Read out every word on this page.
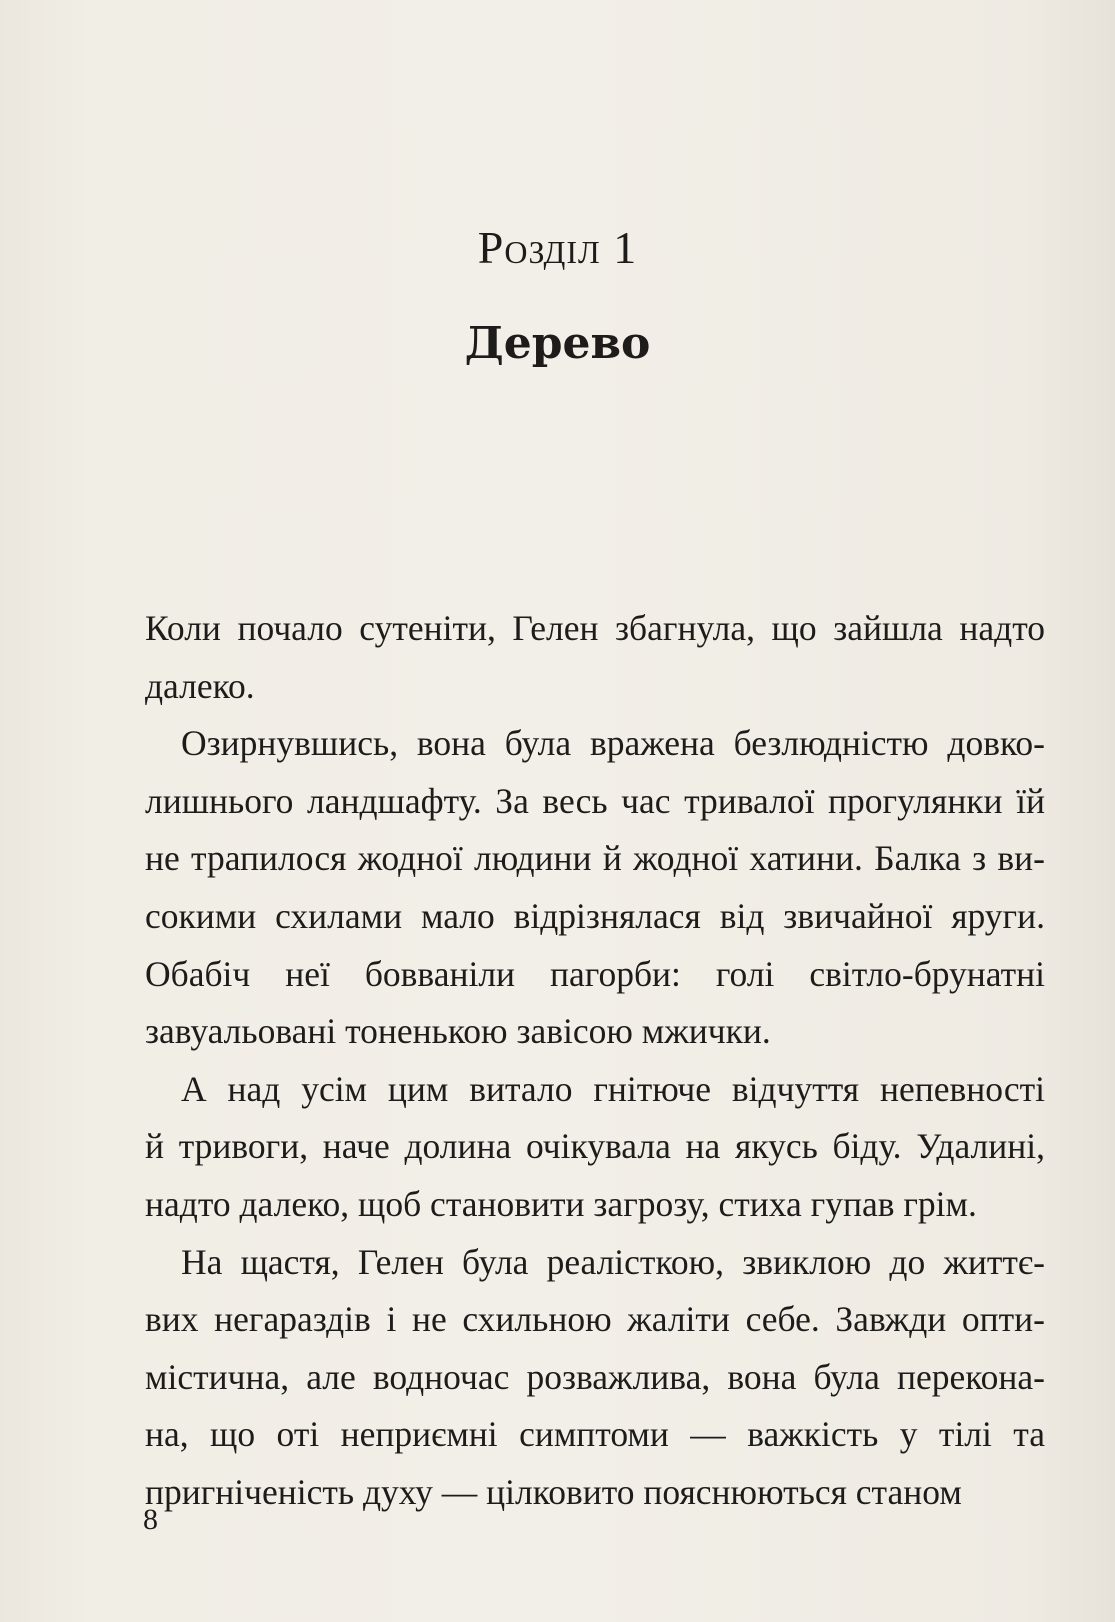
Розділ 1
Дерево
Коли почало сутеніти, Гелен збагнула, що зайшла надто
далеко.
Озирнувшись, вона була вражена безлюдністю довко-
лишнього ландшафту. За весь час тривалої прогулянки їй
не трапилося жодної людини й жодної хатини. Балка з ви-
сокими схилами мало відрізнялася від звичайної яруги.
Обабіч неї бовваніли пагорби: голі світло-брунатні
завуальовані тоненькою завісою мжички.
А над усім цим витало гнітюче відчуття непевності
й тривоги, наче долина очікувала на якусь біду. Удалині,
надто далеко, щоб становити загрозу, стиха гупав грім.
На щастя, Гелен була реалісткою, звиклою до життє-
вих негараздів і не схильною жаліти себе. Завжди опти-
містична, але водночас розважлива, вона була перекона-
на, що оті неприємні симптоми — важкість у тілі та
пригніченість духу — цілковито пояснюються станом
8
